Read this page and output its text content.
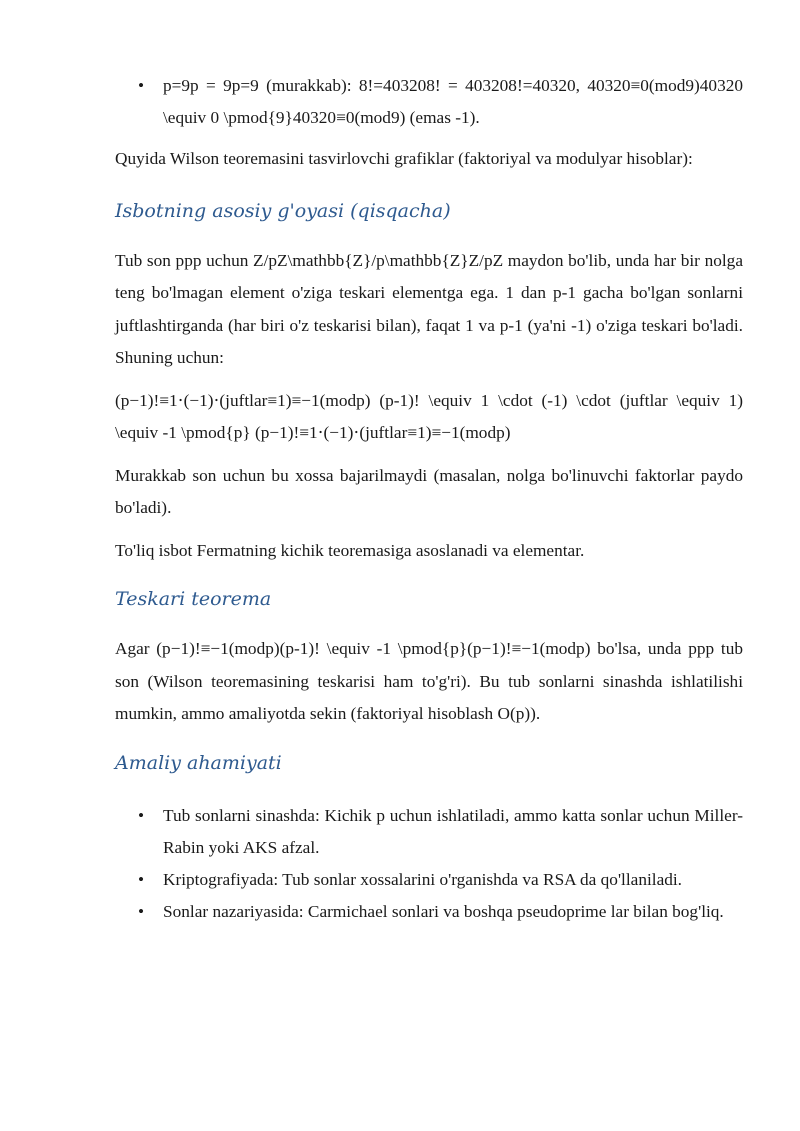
• p=9p = 9p=9 (murakkab): 8!=403208! = 403208!=40320, 40320≡0(mod9)40320 \equiv 0 \pmod{9}40320≡0(mod9) (emas -1).

Quyida Wilson teoremasini tasvirlovchi grafiklar (faktoriyal va modulyar hisoblar):

Isbotning asosiy g'oyasi (qisqacha)

Tub son ppp uchun Z/pZ\mathbb{Z}/p\mathbb{Z}Z/pZ maydon bo'lib, unda har bir nolga teng bo'lmagan element o'ziga teskari elementga ega. 1 dan p-1 gacha bo'lgan sonlarni juftlashtirganda (har biri o'z teskarisi bilan), faqat 1 va p-1 (ya'ni -1) o'ziga teskari bo'ladi. Shuning uchun:

(p−1)!≡1⋅(−1)⋅(juftlar≡1)≡−1(modp) (p-1)! \equiv 1 \cdot (-1) \cdot (juftlar \equiv 1) \equiv -1 \pmod{p} (p−1)!≡1⋅(−1)⋅(juftlar≡1)≡−1(modp)

Murakkab son uchun bu xossa bajarilmaydi (masalan, nolga bo'linuvchi faktorlar paydo bo'ladi).

To'liq isbot Fermatning kichik teoremasiga asoslanadi va elementar.

Teskari teorema

Agar (p−1)!≡−1(modp)(p-1)! \equiv -1 \pmod{p}(p−1)!≡−1(modp) bo'lsa, unda ppp tub son (Wilson teoremasining teskarisi ham to'g'ri). Bu tub sonlarni sinashda ishlatilishi mumkin, ammo amaliyotda sekin (faktoriyal hisoblash O(p)).

Amaliy ahamiyati
• Tub sonlarni sinashda: Kichik p uchun ishlatiladi, ammo katta sonlar uchun Miller-Rabin yoki AKS afzal.
• Kriptografiyada: Tub sonlar xossalarini o'rganishda va RSA da qo'llaniladi.
• Sonlar nazariyasida: Carmichael sonlari va boshqa pseudoprime lar bilan bog'liq.
